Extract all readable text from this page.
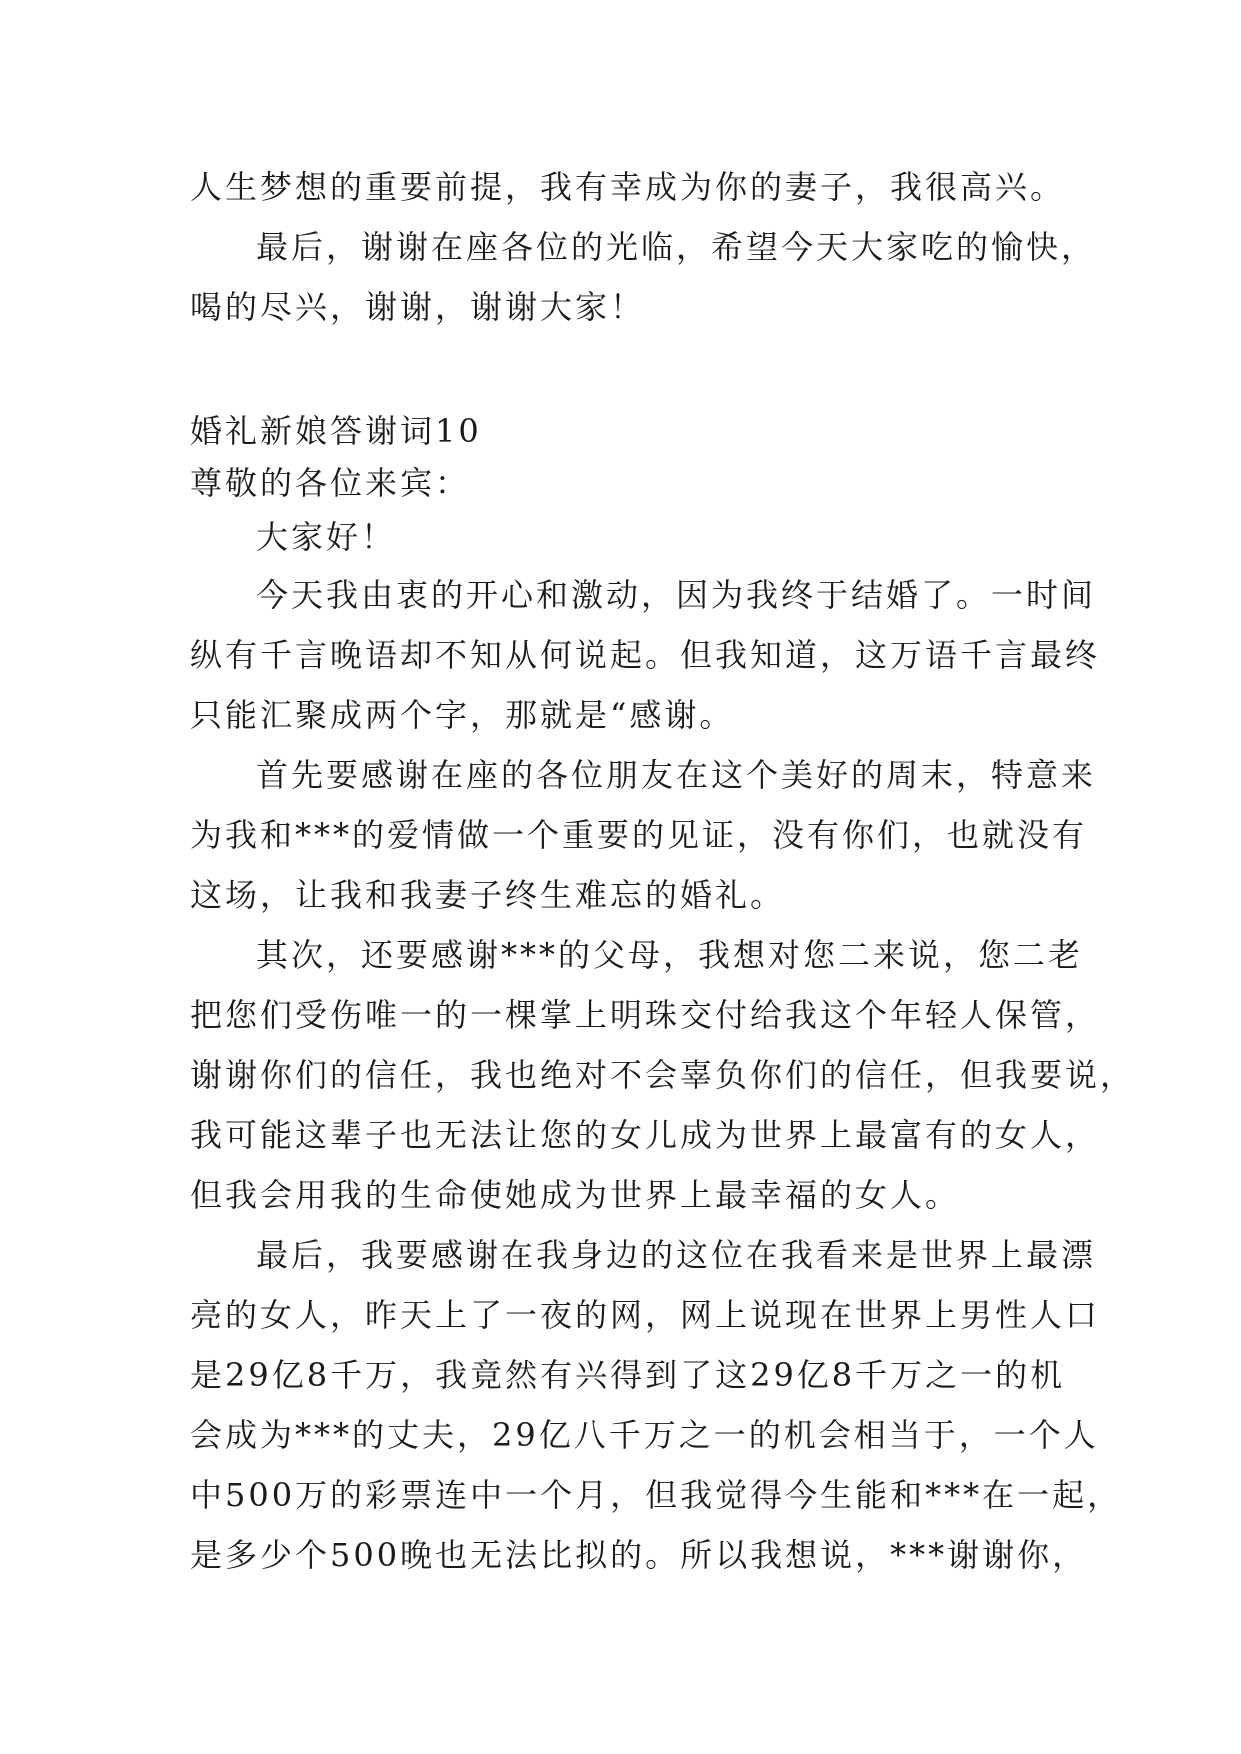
人生梦想的重要前提，我有幸成为你的妻子，我很高兴。
最后，谢谢在座各位的光临，希望今天大家吃的愉快，
喝的尽兴，谢谢，谢谢大家！
婚礼新娘答谢词10
尊敬的各位来宾：
大家好！
今天我由衷的开心和激动，因为我终于结婚了。一时间
纵有千言晚语却不知从何说起。但我知道，这万语千言最终
只能汇聚成两个字，那就是“感谢。
首先要感谢在座的各位朋友在这个美好的周末，特意来
为我和***的爱情做一个重要的见证，没有你们，也就没有
这场，让我和我妻子终生难忘的婚礼。
其次，还要感谢***的父母，我想对您二来说，您二老
把您们受伤唯一的一棵掌上明珠交付给我这个年轻人保管，
谢谢你们的信任，我也绝对不会辜负你们的信任，但我要说，
我可能这辈子也无法让您的女儿成为世界上最富有的女人，
但我会用我的生命使她成为世界上最幸福的女人。
最后，我要感谢在我身边的这位在我看来是世界上最漂
亮的女人，昨天上了一夜的网，网上说现在世界上男性人口
是29亿8千万，我竟然有兴得到了这29亿8千万之一的机
会成为***的丈夫，29亿八千万之一的机会相当于，一个人
中500万的彩票连中一个月，但我觉得今生能和***在一起，
是多少个500晚也无法比拟的。所以我想说，***谢谢你，
